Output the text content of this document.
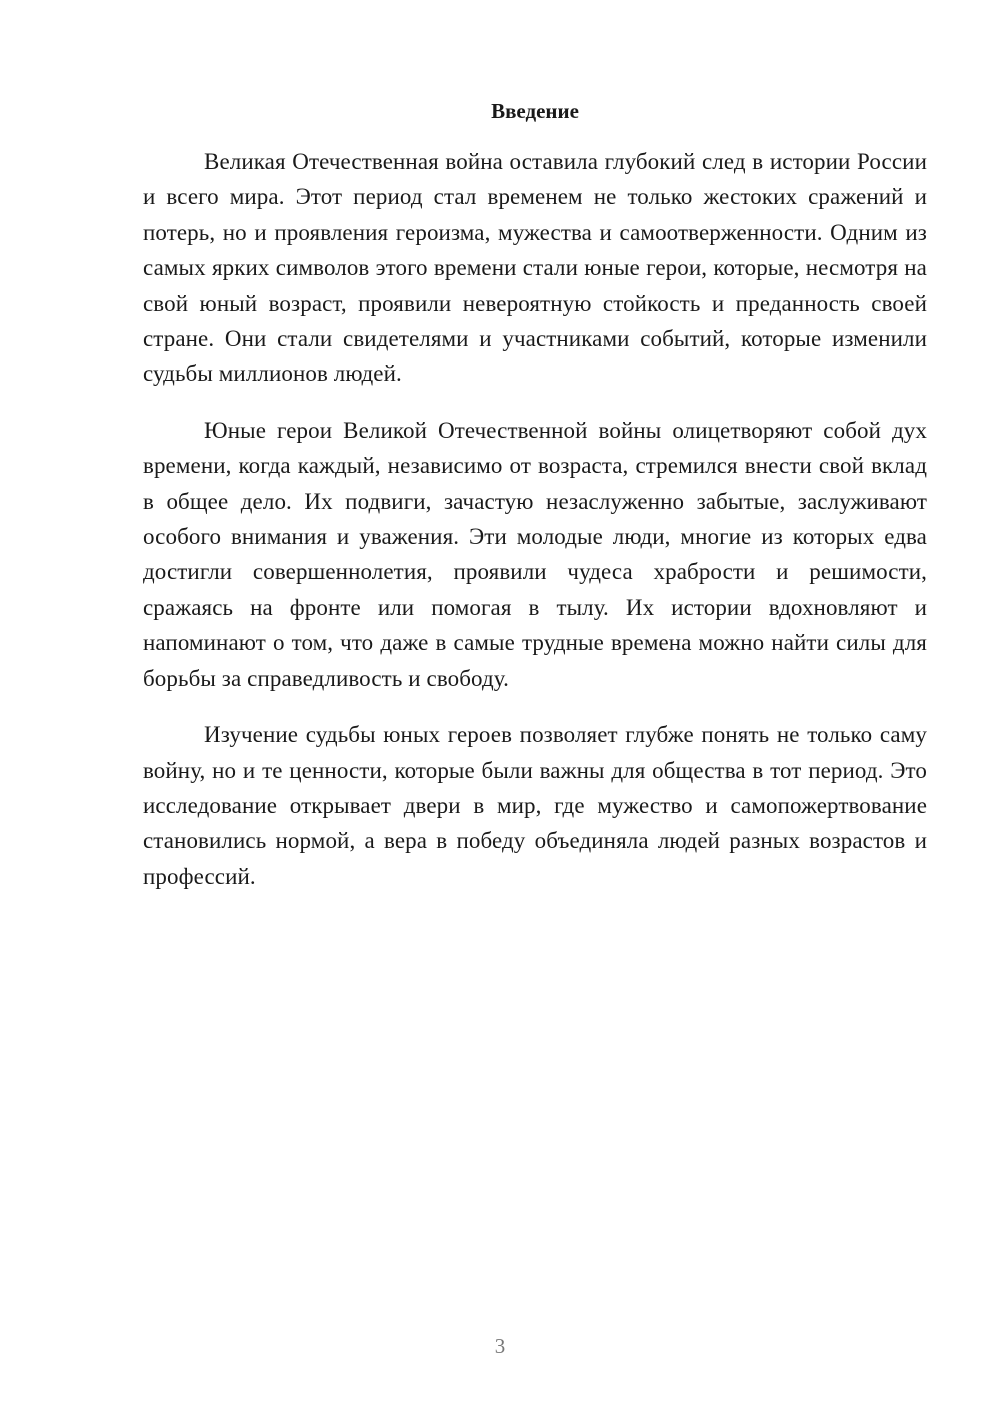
Введение

Великая Отечественная война оставила глубокий след в истории России и всего мира. Этот период стал временем не только жестоких сражений и потерь, но и проявления героизма, мужества и самоотверженности. Одним из самых ярких символов этого времени стали юные герои, которые, несмотря на свой юный возраст, проявили невероятную стойкость и преданность своей стране. Они стали свидетелями и участниками событий, которые изменили судьбы миллионов людей.

Юные герои Великой Отечественной войны олицетворяют собой дух времени, когда каждый, независимо от возраста, стремился внести свой вклад в общее дело. Их подвиги, зачастую незаслуженно забытые, заслуживают особого внимания и уважения. Эти молодые люди, многие из которых едва достигли совершеннолетия, проявили чудеса храбрости и решимости, сражаясь на фронте или помогая в тылу. Их истории вдохновляют и напоминают о том, что даже в самые трудные времена можно найти силы для борьбы за справедливость и свободу.

Изучение судьбы юных героев позволяет глубже понять не только саму войну, но и те ценности, которые были важны для общества в тот период. Это исследование открывает двери в мир, где мужество и самопожертвование становились нормой, а вера в победу объединяла людей разных возрастов и профессий.

3
